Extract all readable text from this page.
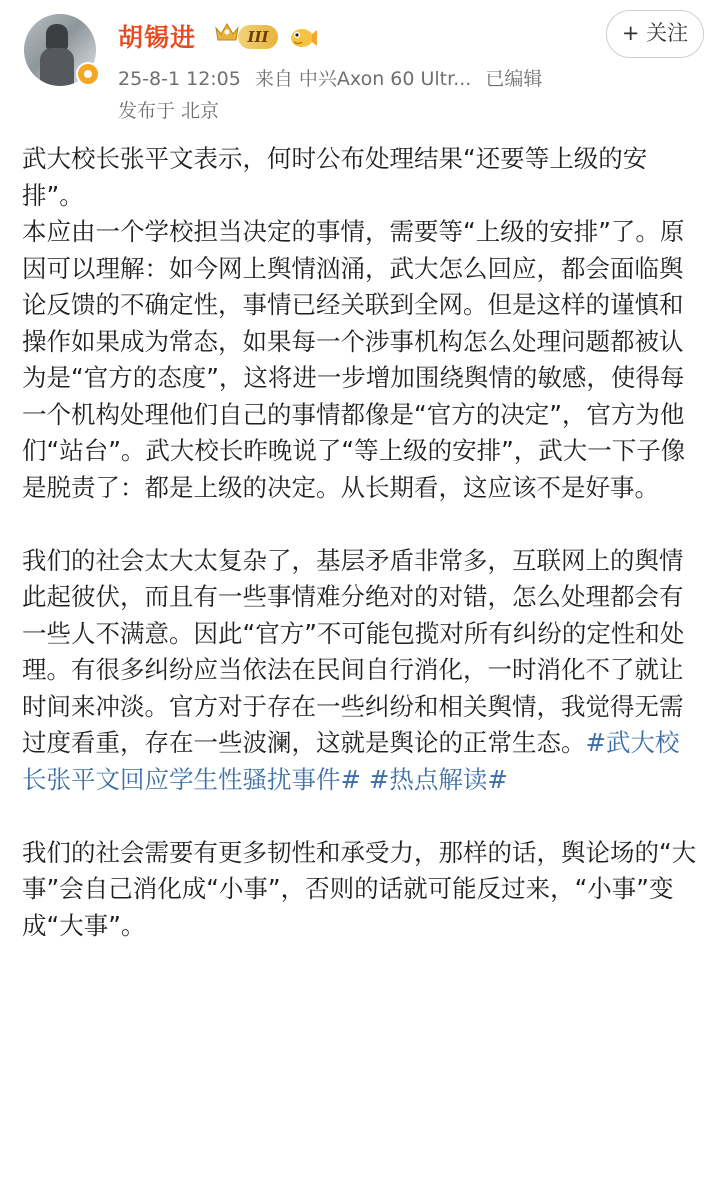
胡锡进	III
25-8-1 12:05 来自 中兴Axon 60 Ultr... 已编辑
发布于 北京
+ 关注

武大校长张平文表示，何时公布处理结果“还要等上级的安排”。

本应由一个学校担当决定的事情，需要等“上级的安排”了。原因可以理解：如今网上舆情汹涌，武大怎么回应，都会面临舆论反馈的不确定性，事情已经关联到全网。但是这样的谨慎和操作如果成为常态，如果每一个涉事机构怎么处理问题都被认为是“官方的态度”，这将进一步增加围绕舆情的敏感，使得每一个机构处理他们自己的事情都像是“官方的决定”，官方为他们“站台”。武大校长昨晚说了“等上级的安排”，武大一下子像是脱责了：都是上级的决定。从长期看，这应该不是好事。

我们的社会太大太复杂了，基层矛盾非常多，互联网上的舆情此起彼伏，而且有一些事情难分绝对的对错，怎么处理都会有一些人不满意。因此“官方”不可能包揽对所有纠纷的定性和处理。有很多纠纷应当依法在民间自行消化，一时消化不了就让时间来冲淡。官方对于存在一些纠纷和相关舆情，我觉得无需过度看重，存在一些波澜，这就是舆论的正常生态。#武大校长张平文回应学生性骚扰事件# #热点解读#

我们的社会需要有更多韧性和承受力，那样的话，舆论场的“大事”会自己消化成“小事”，否则的话就可能反过来，“小事”变成“大事”。
